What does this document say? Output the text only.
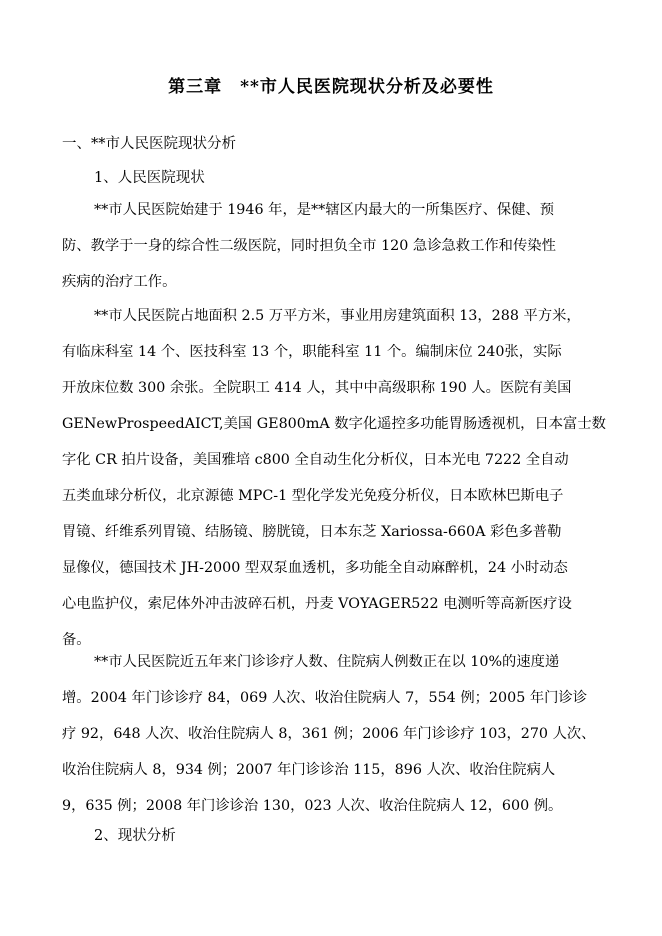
第三章　**市人民医院现状分析及必要性
一、**市人民医院现状分析
1、人民医院现状
**市人民医院始建于 1946 年，是**辖区内最大的一所集医疗、保健、预
防、教学于一身的综合性二级医院，同时担负全市 120 急诊急救工作和传染性
疾病的治疗工作。
**市人民医院占地面积 2.5 万平方米，事业用房建筑面积 13，288 平方米，
有临床科室 14 个、医技科室 13 个，职能科室 11 个。编制床位 240张，实际
开放床位数 300 余张。全院职工 414 人，其中中高级职称 190 人。医院有美国
GENewProspeedAICT,美国 GE800mA 数字化遥控多功能胃肠透视机，日本富士数
字化 CR 拍片设备，美国雅培 c800 全自动生化分析仪，日本光电 7222 全自动
五类血球分析仪，北京源德 MPC-1 型化学发光免疫分析仪，日本欧林巴斯电子
胃镜、纤维系列胃镜、结肠镜、膀胱镜，日本东芝 Xariossa-660A 彩色多普勒
显像仪，德国技术 JH-2000 型双泵血透机，多功能全自动麻醉机，24 小时动态
心电监护仪，索尼体外冲击波碎石机，丹麦 VOYAGER522 电测听等高新医疗设
备。
**市人民医院近五年来门诊诊疗人数、住院病人例数正在以 10%的速度递
增。2004 年门诊诊疗 84，069 人次、收治住院病人 7，554 例；2005 年门诊诊
疗 92，648 人次、收治住院病人 8，361 例；2006 年门诊诊疗 103，270 人次、
收治住院病人 8，934 例；2007 年门诊诊治 115，896 人次、收治住院病人
9，635 例；2008 年门诊诊治 130，023 人次、收治住院病人 12，600 例。
2、现状分析
